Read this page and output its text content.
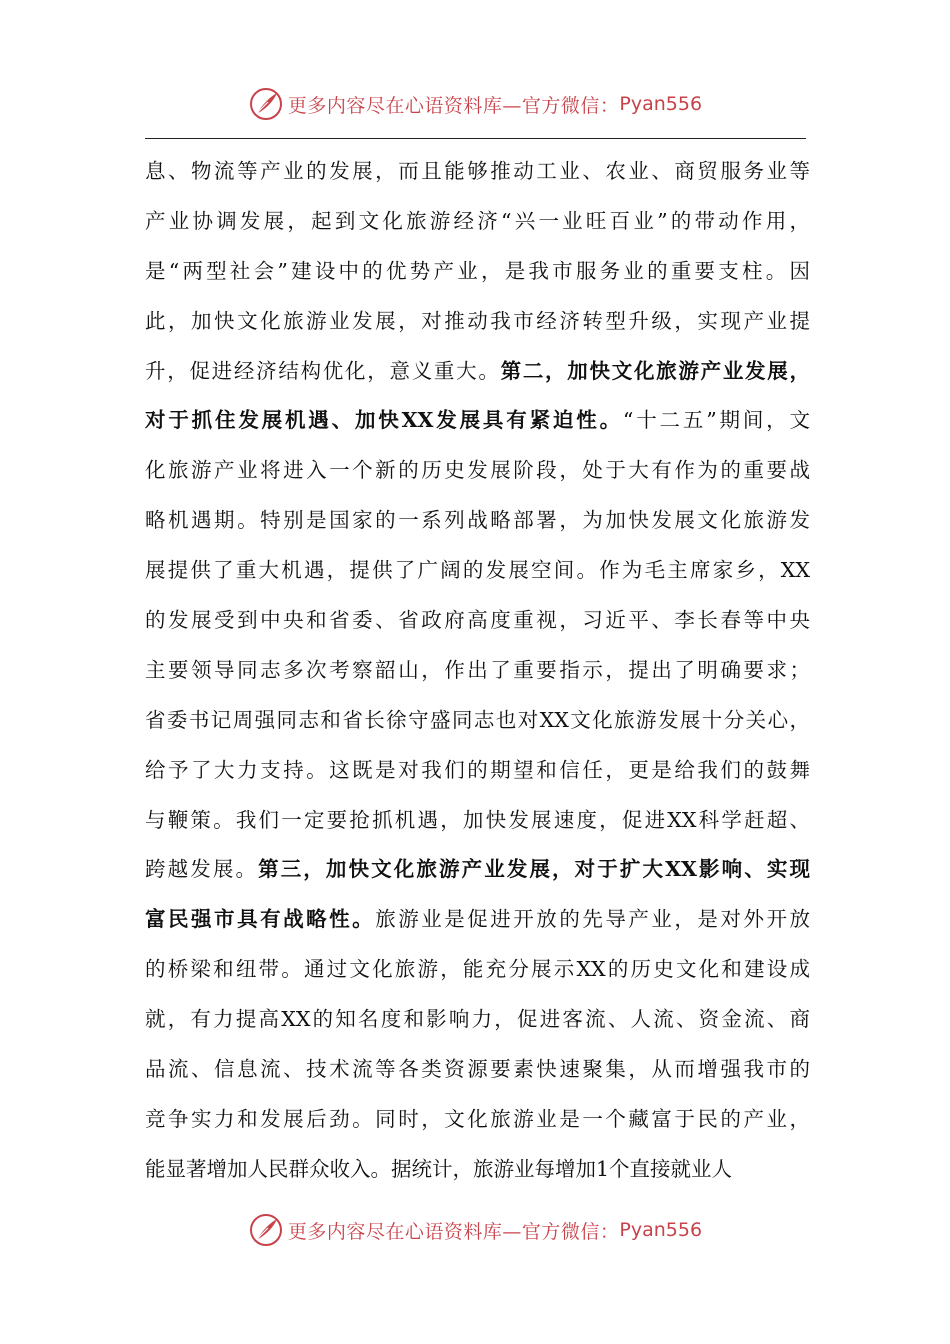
更多内容尽在心语资料库—官方微信： Pyan556
息、物流等产业的发展，而且能够推动工业、农业、商贸服务业等
产业协调发展，起到文化旅游经济“兴一业旺百业”的带动作用，
是“两型社会”建设中的优势产业，是我市服务业的重要支柱。因
此，加快文化旅游业发展，对推动我市经济转型升级，实现产业提
升，促进经济结构优化，意义重大。第二，加快文化旅游产业发展，
对于抓住发展机遇、加快XX发展具有紧迫性。“十二五”期间，文
化旅游产业将进入一个新的历史发展阶段，处于大有作为的重要战
略机遇期。特别是国家的一系列战略部署，为加快发展文化旅游发
展提供了重大机遇，提供了广阔的发展空间。作为毛主席家乡，XX
的发展受到中央和省委、省政府高度重视，习近平、李长春等中央
主要领导同志多次考察韶山，作出了重要指示，提出了明确要求；
省委书记周强同志和省长徐守盛同志也对XX文化旅游发展十分关心，
给予了大力支持。这既是对我们的期望和信任，更是给我们的鼓舞
与鞭策。我们一定要抢抓机遇，加快发展速度，促进XX科学赶超、
跨越发展。第三，加快文化旅游产业发展，对于扩大XX影响、实现
富民强市具有战略性。旅游业是促进开放的先导产业，是对外开放
的桥梁和纽带。通过文化旅游，能充分展示XX的历史文化和建设成
就，有力提高XX的知名度和影响力，促进客流、人流、资金流、商
品流、信息流、技术流等各类资源要素快速聚集，从而增强我市的
竞争实力和发展后劲。同时，文化旅游业是一个藏富于民的产业，
能显著增加人民群众收入。据统计，旅游业每增加1个直接就业人
更多内容尽在心语资料库—官方微信： Pyan556
